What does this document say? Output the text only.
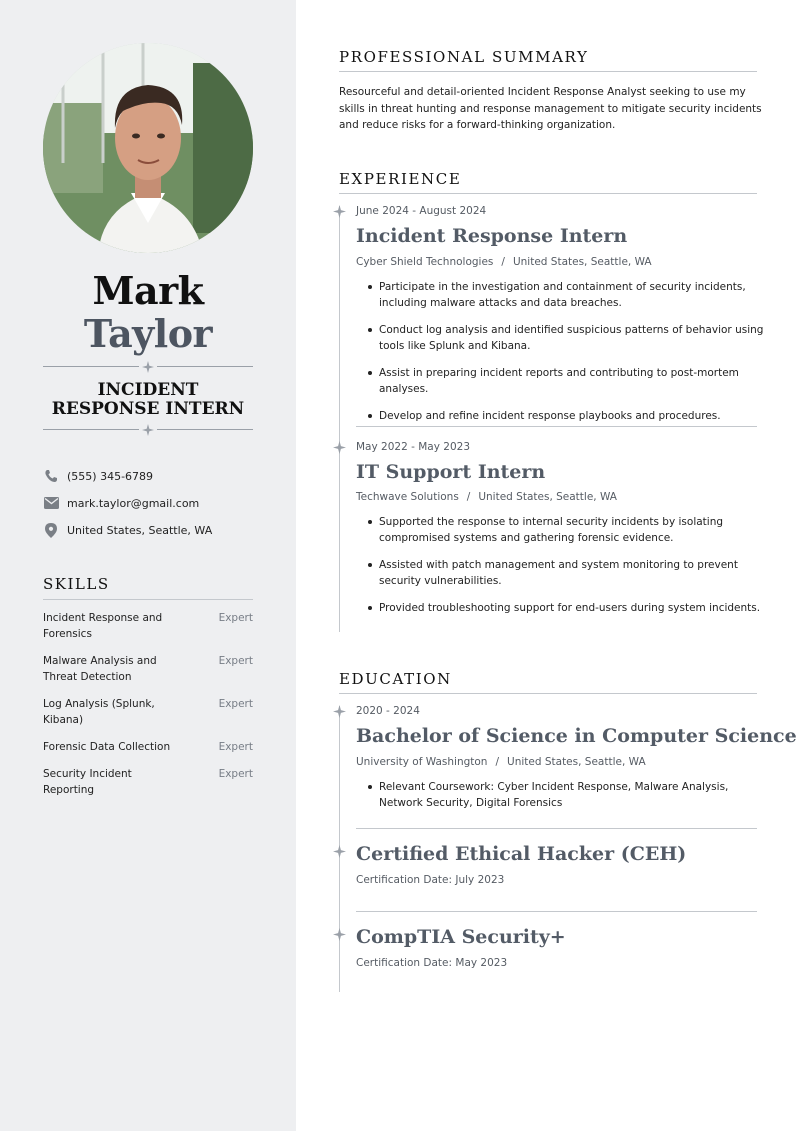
Mark
Taylor
INCIDENT
RESPONSE INTERN
(555) 345-6789
mark.taylor@gmail.com
United States, Seattle, WA
SKILLS
Incident Response and Forensics
Expert
Malware Analysis and Threat Detection
Expert
Log Analysis (Splunk, Kibana)
Expert
Forensic Data Collection	Expert
Security Incident Reporting
Expert
PROFESSIONAL SUMMARY
Resourceful and detail-oriented Incident Response Analyst seeking to use my skills in threat hunting and response management to mitigate security incidents and reduce risks for a forward-thinking organization.
EXPERIENCE
June 2024 - August 2024
Incident Response Intern
Cyber Shield Technologies / United States, Seattle, WA
Participate in the investigation and containment of security incidents, including malware attacks and data breaches.
Conduct log analysis and identified suspicious patterns of behavior using tools like Splunk and Kibana.
Assist in preparing incident reports and contributing to post-mortem analyses.
Develop and refine incident response playbooks and procedures.
May 2022 - May 2023
IT Support Intern
Techwave Solutions / United States, Seattle, WA
Supported the response to internal security incidents by isolating compromised systems and gathering forensic evidence.
Assisted with patch management and system monitoring to prevent security vulnerabilities.
Provided troubleshooting support for end-users during system incidents.
EDUCATION
2020 - 2024
Bachelor of Science in Computer Science
University of Washington / United States, Seattle, WA
Relevant Coursework: Cyber Incident Response, Malware Analysis, Network Security, Digital Forensics
Certified Ethical Hacker (CEH)
Certification Date: July 2023
CompTIA Security+
Certification Date: May 2023
